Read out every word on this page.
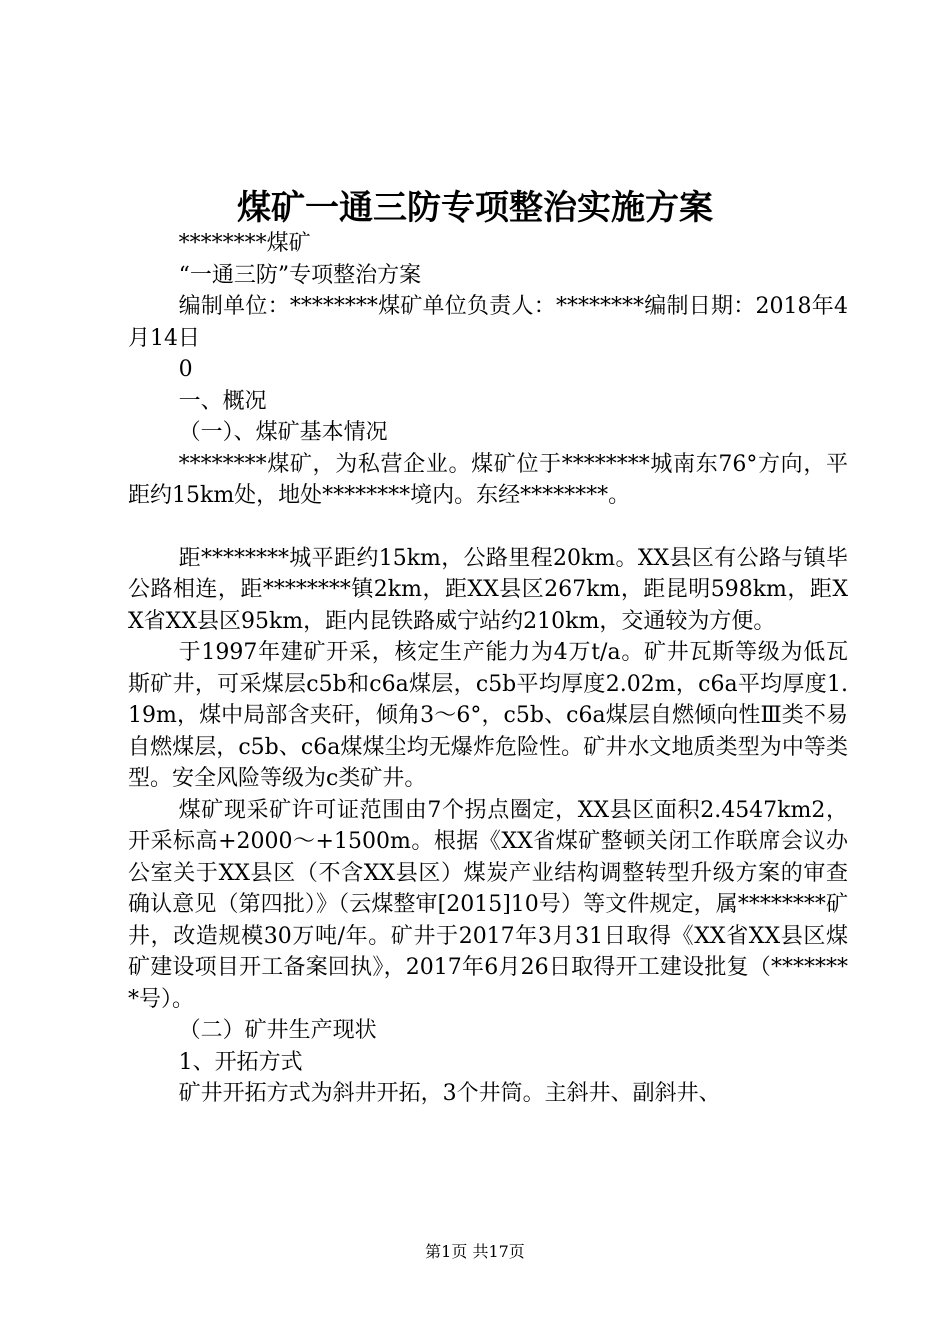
煤矿一通三防专项整治实施方案

********煤矿

“一通三防”专项整治方案

编制单位：********煤矿单位负责人：********编制日期：2018年4月14日

0

一、概况

（一）、煤矿基本情况

********煤矿，为私营企业。煤矿位于********城南东76°方向，平距约15km处，地处********境内。东经********。

距********城平距约15km，公路里程20km。XX县区有公路与镇毕公路相连，距********镇2km，距XX县区267km，距昆明598km，距XX省XX县区95km，距内昆铁路威宁站约210km，交通较为方便。

于1997年建矿开采，核定生产能力为4万t/a。矿井瓦斯等级为低瓦斯矿井，可采煤层c5b和c6a煤层，c5b平均厚度2.02m，c6a平均厚度1.19m，煤中局部含夹矸，倾角3～6°，c5b、c6a煤层自燃倾向性Ⅲ类不易自燃煤层，c5b、c6a煤煤尘均无爆炸危险性。矿井水文地质类型为中等类型。安全风险等级为c类矿井。

煤矿现采矿许可证范围由7个拐点圈定，XX县区面积2.4547km2，开采标高+2000～+1500m。根据《XX省煤矿整顿关闭工作联席会议办公室关于XX县区（不含XX县区）煤炭产业结构调整转型升级方案的审查确认意见（第四批）》（云煤整审[2015]10号）等文件规定，属********矿井，改造规模30万吨/年。矿井于2017年3月31日取得《XX省XX县区煤矿建设项目开工备案回执》，2017年6月26日取得开工建设批复（********号）。

（二）矿井生产现状

1、开拓方式

矿井开拓方式为斜井开拓，3个井筒。主斜井、副斜井、

第1页 共17页
